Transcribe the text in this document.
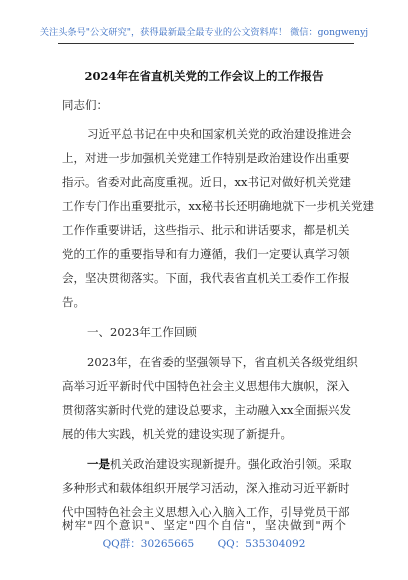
关注头条号"公文研究"，获得最新最全最专业的公文资料库！ 微信：gongwenyj
2024年在省直机关党的工作会议上的工作报告
同志们：
习近平总书记在中央和国家机关党的政治建设推进会
上，对进一步加强机关党建工作特别是政治建设作出重要
指示。省委对此高度重视。近日，xx书记对做好机关党建
工作专门作出重要批示，xx秘书长还明确地就下一步机关党建
工作作重要讲话，这些指示、批示和讲话要求，都是机关
党的工作的重要指导和有力遵循，我们一定要认真学习领
会，坚决贯彻落实。下面，我代表省直机关工委作工作报
告。
一、2023年工作回顾
2023年，在省委的坚强领导下，省直机关各级党组织
高举习近平新时代中国特色社会主义思想伟大旗帜，深入
贯彻落实新时代党的建设总要求，主动融入xx全面振兴发
展的伟大实践，机关党的建设实现了新提升。
一是机关政治建设实现新提升。强化政治引领。采取
多种形式和载体组织开展学习活动，深入推动习近平新时
代中国特色社会主义思想入心入脑入工作，引导党员干部
QQ群：30265665 QQ：535304092
树牢"四个意识"、坚定"四个自信"，坚决做到"两个
